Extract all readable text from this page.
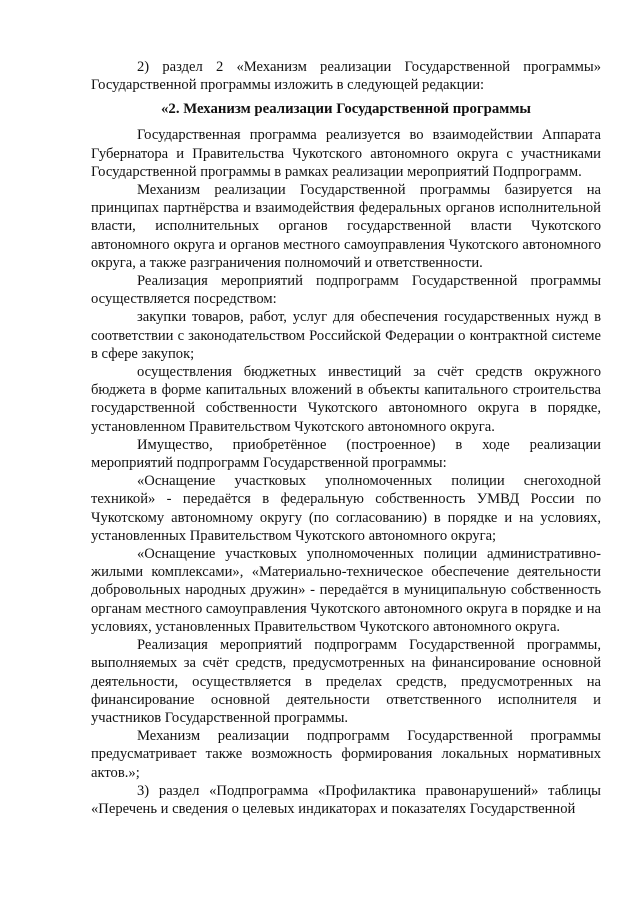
2) раздел 2 «Механизм реализации Государственной программы» Государственной программы изложить в следующей редакции:

«2. Механизм реализации Государственной программы

Государственная программа реализуется во взаимодействии Аппарата Губернатора и Правительства Чукотского автономного округа с участниками Государственной программы в рамках реализации мероприятий Подпрограмм.

Механизм реализации Государственной программы базируется на принципах партнёрства и взаимодействия федеральных органов исполнительной власти, исполнительных органов государственной власти Чукотского автономного округа и органов местного самоуправления Чукотского автономного округа, а также разграничения полномочий и ответственности.

Реализация мероприятий подпрограмм Государственной программы осуществляется посредством:

закупки товаров, работ, услуг для обеспечения государственных нужд в соответствии с законодательством Российской Федерации о контрактной системе в сфере закупок;

осуществления бюджетных инвестиций за счёт средств окружного бюджета в форме капитальных вложений в объекты капитального строительства государственной собственности Чукотского автономного округа в порядке, установленном Правительством Чукотского автономного округа.

Имущество, приобретённое (построенное) в ходе реализации мероприятий подпрограмм Государственной программы:

«Оснащение участковых уполномоченных полиции снегоходной техникой» - передаётся в федеральную собственность УМВД России по Чукотскому автономному округу (по согласованию) в порядке и на условиях, установленных Правительством Чукотского автономного округа;

«Оснащение участковых уполномоченных полиции административно-жилыми комплексами», «Материально-техническое обеспечение деятельности добровольных народных дружин» - передаётся в муниципальную собственность органам местного самоуправления Чукотского автономного округа в порядке и на условиях, установленных Правительством Чукотского автономного округа.

Реализация мероприятий подпрограмм Государственной программы, выполняемых за счёт средств, предусмотренных на финансирование основной деятельности, осуществляется в пределах средств, предусмотренных на финансирование основной деятельности ответственного исполнителя и участников Государственной программы.

Механизм реализации подпрограмм Государственной программы предусматривает также возможность формирования локальных нормативных актов.»;

3) раздел «Подпрограмма «Профилактика правонарушений» таблицы «Перечень и сведения о целевых индикаторах и показателях Государственной
